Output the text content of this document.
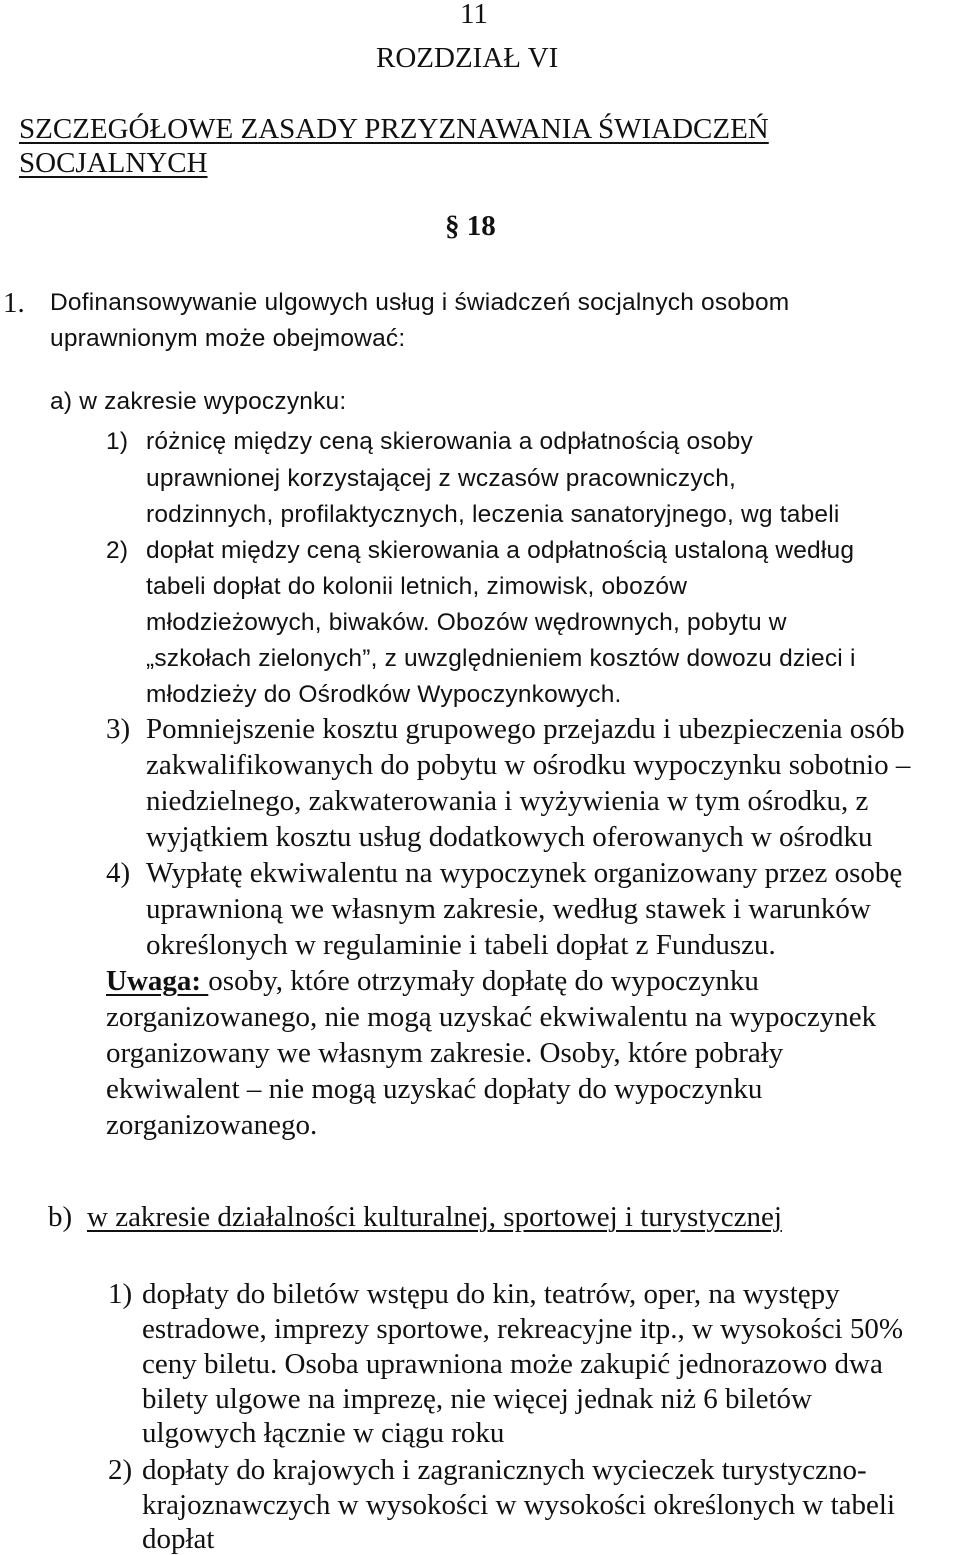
11
ROZDZIAŁ VI
SZCZEGÓŁOWE ZASADY PRZYZNAWANIA ŚWIADCZEŃ
SOCJALNYCH
§ 18
1. Dofinansowywanie ulgowych usług i świadczeń socjalnych osobom
uprawnionym może obejmować:
a) w zakresie wypoczynku:
1) różnicę między ceną skierowania a odpłatnością osoby
uprawnionej korzystającej z wczasów pracowniczych,
rodzinnych, profilaktycznych, leczenia sanatoryjnego, wg tabeli
2) dopłat między ceną skierowania a odpłatnością ustaloną według
tabeli dopłat do kolonii letnich, zimowisk, obozów
młodzieżowych, biwaków. Obozów wędrownych, pobytu w
„szkołach zielonych”, z uwzględnieniem kosztów dowozu dzieci i
młodzieży do Ośrodków Wypoczynkowych.
3) Pomniejszenie kosztu grupowego przejazdu i ubezpieczenia osób
zakwalifikowanych do pobytu w ośrodku wypoczynku sobotnio –
niedzielnego, zakwaterowania i wyżywienia w tym ośrodku, z
wyjątkiem kosztu usług dodatkowych oferowanych w ośrodku
4) Wypłatę ekwiwalentu na wypoczynek organizowany przez osobę
uprawnioną we własnym zakresie, według stawek i warunków
określonych w regulaminie i tabeli dopłat z Funduszu.
Uwaga: osoby, które otrzymały dopłatę do wypoczynku
zorganizowanego, nie mogą uzyskać ekwiwalentu na wypoczynek
organizowany we własnym zakresie. Osoby, które pobrały
ekwiwalent – nie mogą uzyskać dopłaty do wypoczynku
zorganizowanego.
b) w zakresie działalności kulturalnej, sportowej i turystycznej
1) dopłaty do biletów wstępu do kin, teatrów, oper, na występy
estradowe, imprezy sportowe, rekreacyjne itp., w wysokości 50%
ceny biletu. Osoba uprawniona może zakupić jednorazowo dwa
bilety ulgowe na imprezę, nie więcej jednak niż 6 biletów
ulgowych łącznie w ciągu roku
2) dopłaty do krajowych i zagranicznych wycieczek turystyczno-
krajoznawczych w wysokości w wysokości określonych w tabeli
dopłat
